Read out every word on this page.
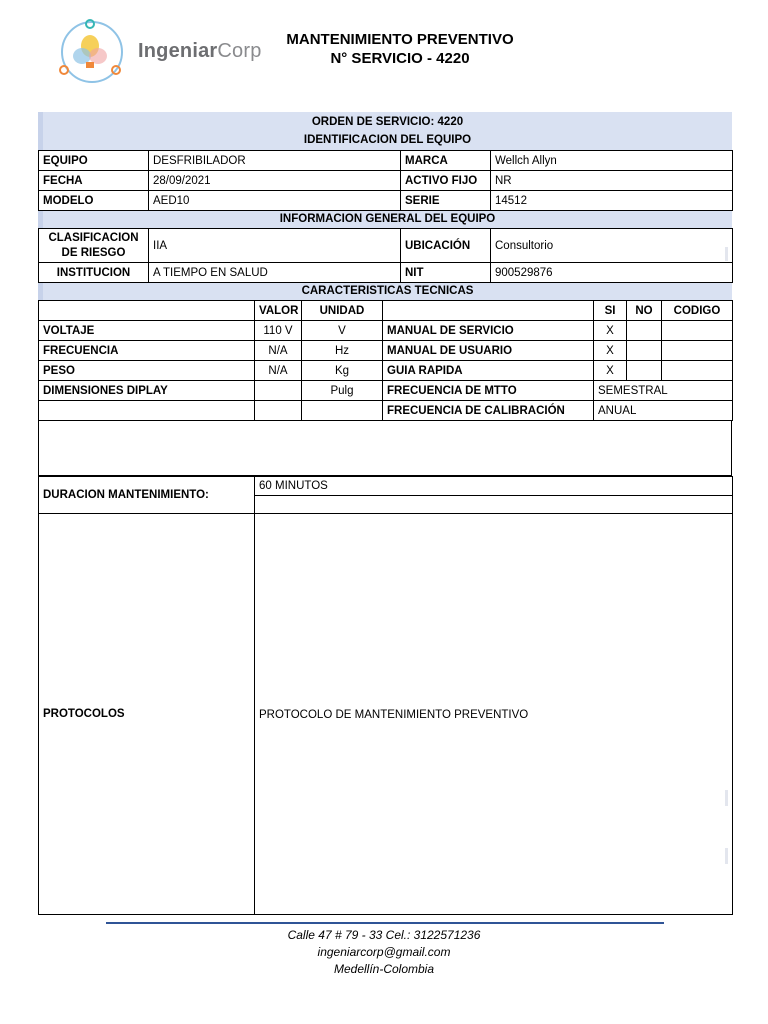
IngeniarCorp
MANTENIMIENTO PREVENTIVO
N° SERVICIO - 4220
ORDEN DE SERVICIO: 4220
IDENTIFICACION DEL EQUIPO
EQUIPO	DESFRIBILADOR	MARCA	Wellch Allyn
FECHA	28/09/2021	ACTIVO FIJO	NR
MODELO	AED10	SERIE	14512
INFORMACION GENERAL DEL EQUIPO
CLASIFICACION
DE RIESGO	IIA	UBICACIÓN	Consultorio
INSTITUCION	A TIEMPO EN SALUD	NIT	900529876
CARACTERISTICAS TECNICAS
	VALOR	UNIDAD		SI	NO	CODIGO
VOLTAJE	110 V	V	MANUAL DE SERVICIO	X		
FRECUENCIA	N/A	Hz	MANUAL DE USUARIO	X		
PESO	N/A	Kg	GUIA RAPIDA	X		
DIMENSIONES DIPLAY		Pulg	FRECUENCIA DE MTTO	SEMESTRAL		
			FRECUENCIA DE CALIBRACIÓN	ANUAL		
DURACION MANTENIMIENTO:	60 MINUTOS

PROTOCOLOS	PROTOCOLO DE MANTENIMIENTO PREVENTIVO
Calle 47 # 79 - 33 Cel.: 3122571236
ingeniarcorp@gmail.com
Medellín-Colombia
